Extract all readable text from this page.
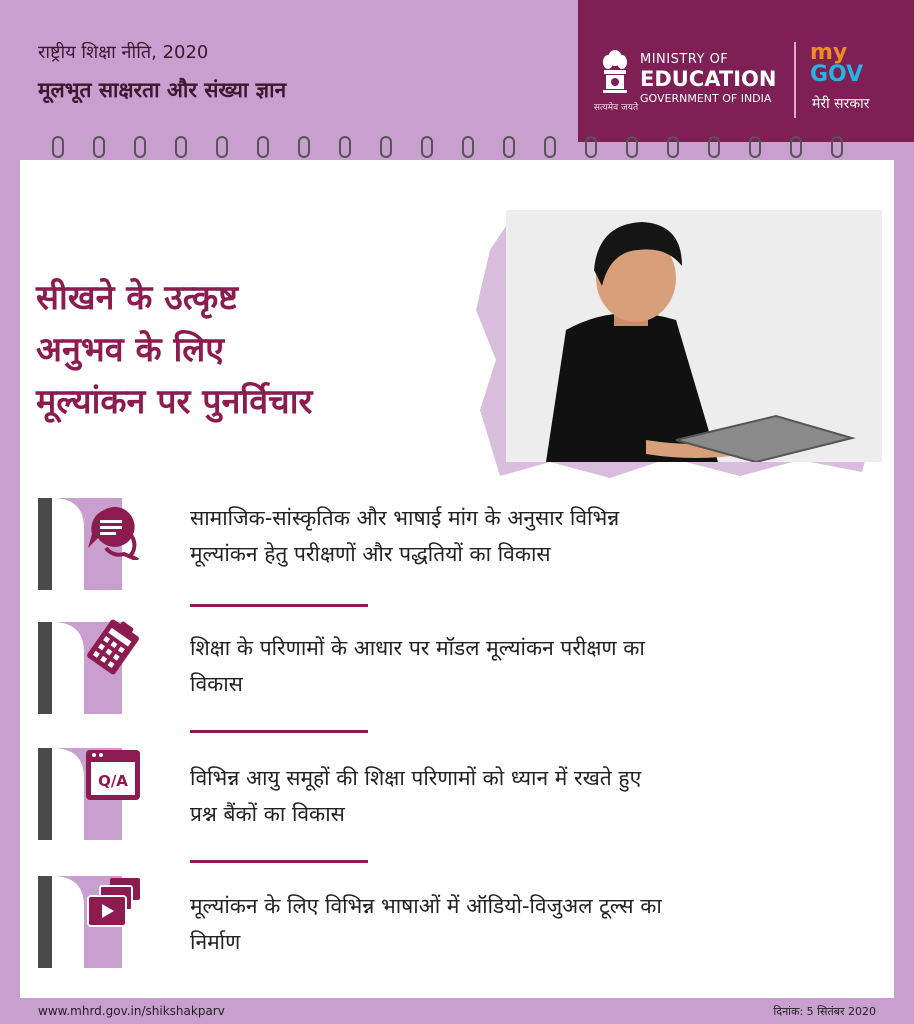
राष्ट्रीय शिक्षा नीति, 2020
मूलभूत साक्षरता और संख्या ज्ञान
सत्यमेव जयते
MINISTRY OF
EDUCATION
GOVERNMENT OF INDIA
my
GOV
मेरी सरकार
सीखने के उत्कृष्ट
अनुभव के लिए
मूल्यांकन पर पुनर्विचार
सामाजिक-सांस्कृतिक और भाषाई मांग के अनुसार विभिन्न
मूल्यांकन हेतु परीक्षणों और पद्धतियों का विकास
शिक्षा के परिणामों के आधार पर मॉडल मूल्यांकन परीक्षण का
विकास
Q/A	विभिन्न आयु समूहों की शिक्षा परिणामों को ध्यान में रखते हुए
प्रश्न बैंकों का विकास
मूल्यांकन के लिए विभिन्न भाषाओं में ऑडियो-विजुअल टूल्स का
निर्माण
www.mhrd.gov.in/shikshakparv	दिनांक: 5 सितंबर 2020
